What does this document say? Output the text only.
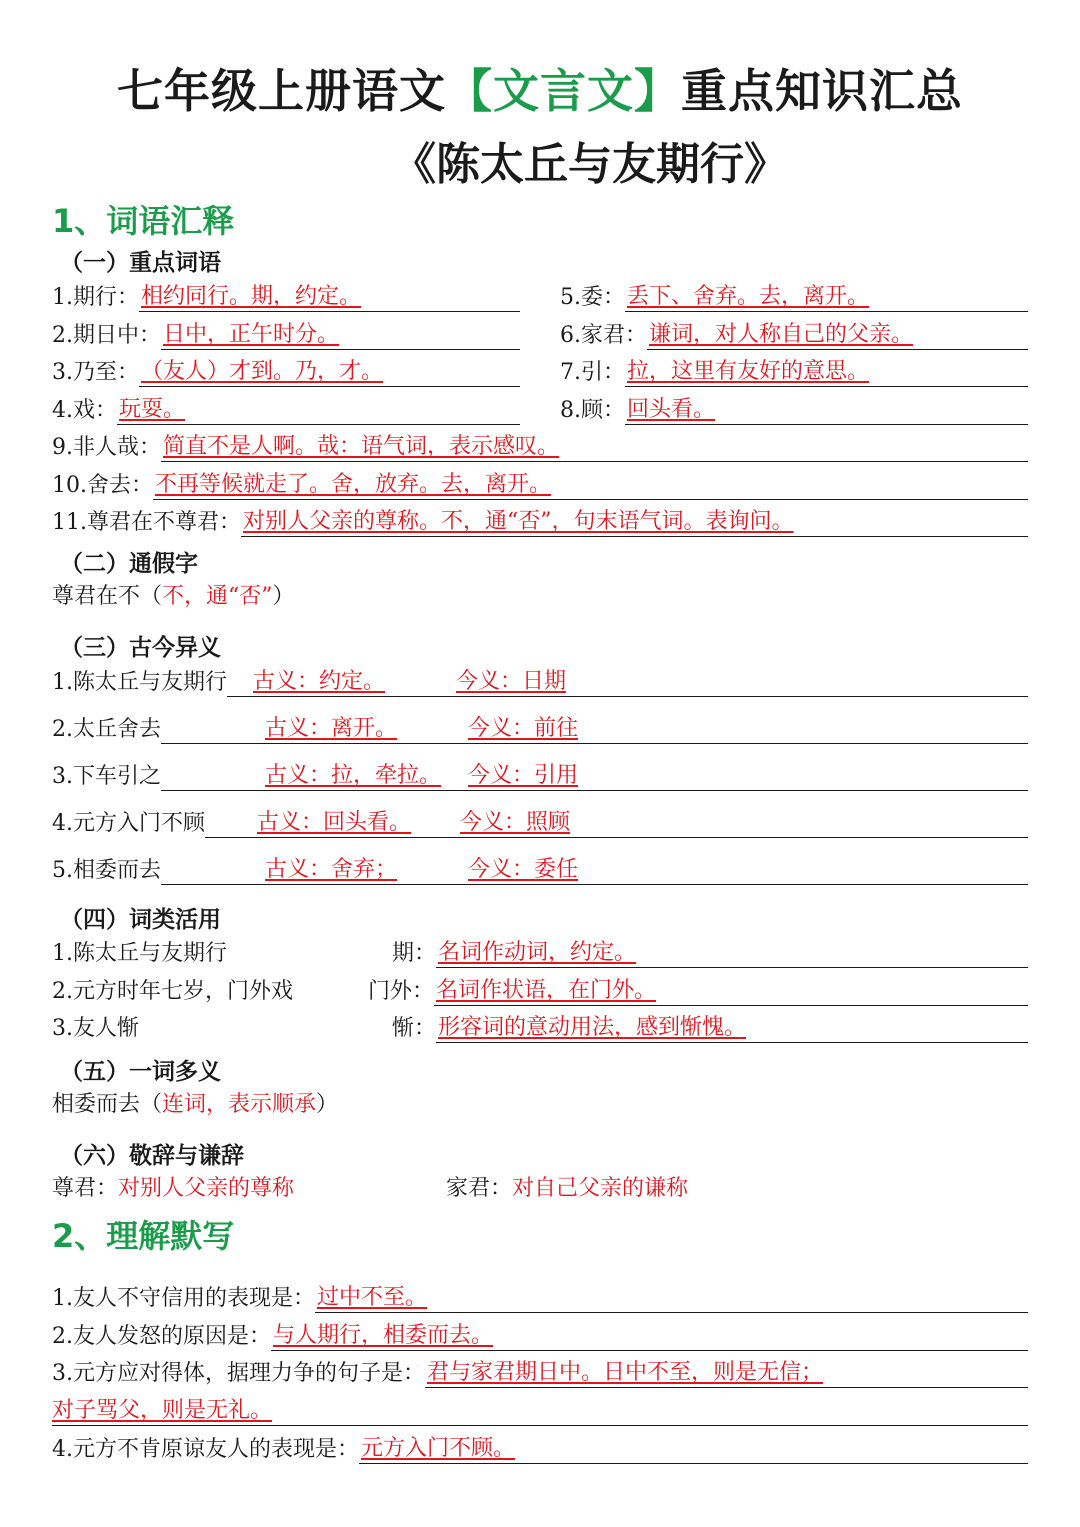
七年级上册语文【文言文】重点知识汇总
《陈太丘与友期行》
1、词语汇释
（一）重点词语
1.期行： 相约同行。期，约定。
2.期日中： 日中，正午时分。
3.乃至： （友人）才到。乃，才。
4.戏： 玩耍。
5.委： 丢下、舍弃。去，离开。
6.家君： 谦词，对人称自己的父亲。
7.引： 拉，这里有友好的意思。
8.顾： 回头看。
9.非人哉： 简直不是人啊。哉：语气词，表示感叹。
10.舍去： 不再等候就走了。舍，放弃。去，离开。
11.尊君在不尊君： 对别人父亲的尊称。不，通“否”，句末语气词。表询问。
（二）通假字
尊君在不（不，通“否”）
（三）古今异义
1.陈太丘与友期行 古义：约定。	今义：日期
2.太丘舍去	古义：离开。	今义：前往
3.下车引之	古义：拉，牵拉。 今义：引用
4.元方入门不顾 古义：回头看。 今义：照顾
5.相委而去	古义：舍弃；	今义：委任
（四）词类活用
1.陈太丘与友期行	期： 名词作动词，约定。
2.元方时年七岁，门外戏	门外： 名词作状语，在门外。
3.友人惭	惭： 形容词的意动用法，感到惭愧。
（五）一词多义
相委而去（连词，表示顺承）
（六）敬辞与谦辞
尊君：对别人父亲的尊称	家君：对自己父亲的谦称
2、理解默写
1.友人不守信用的表现是： 过中不至。
2.友人发怒的原因是： 与人期行，相委而去。
3.元方应对得体，据理力争的句子是： 君与家君期日中。日中不至，则是无信；
对子骂父，则是无礼。
4.元方不肯原谅友人的表现是： 元方入门不顾。
